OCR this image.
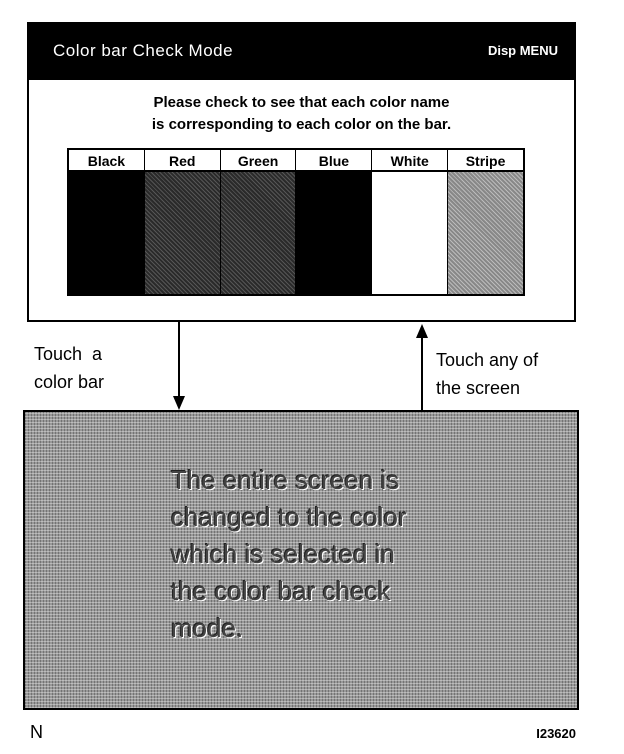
Color bar Check Mode	Disp MENU
Please check to see that each color name
is corresponding to each color on the bar.
Black	Red	Green	Blue	White	Stripe
Touch  a
color bar
Touch any of
the screen
The entire screen is
changed to the color
which is selected in
the color bar check
mode.
N	I23620
